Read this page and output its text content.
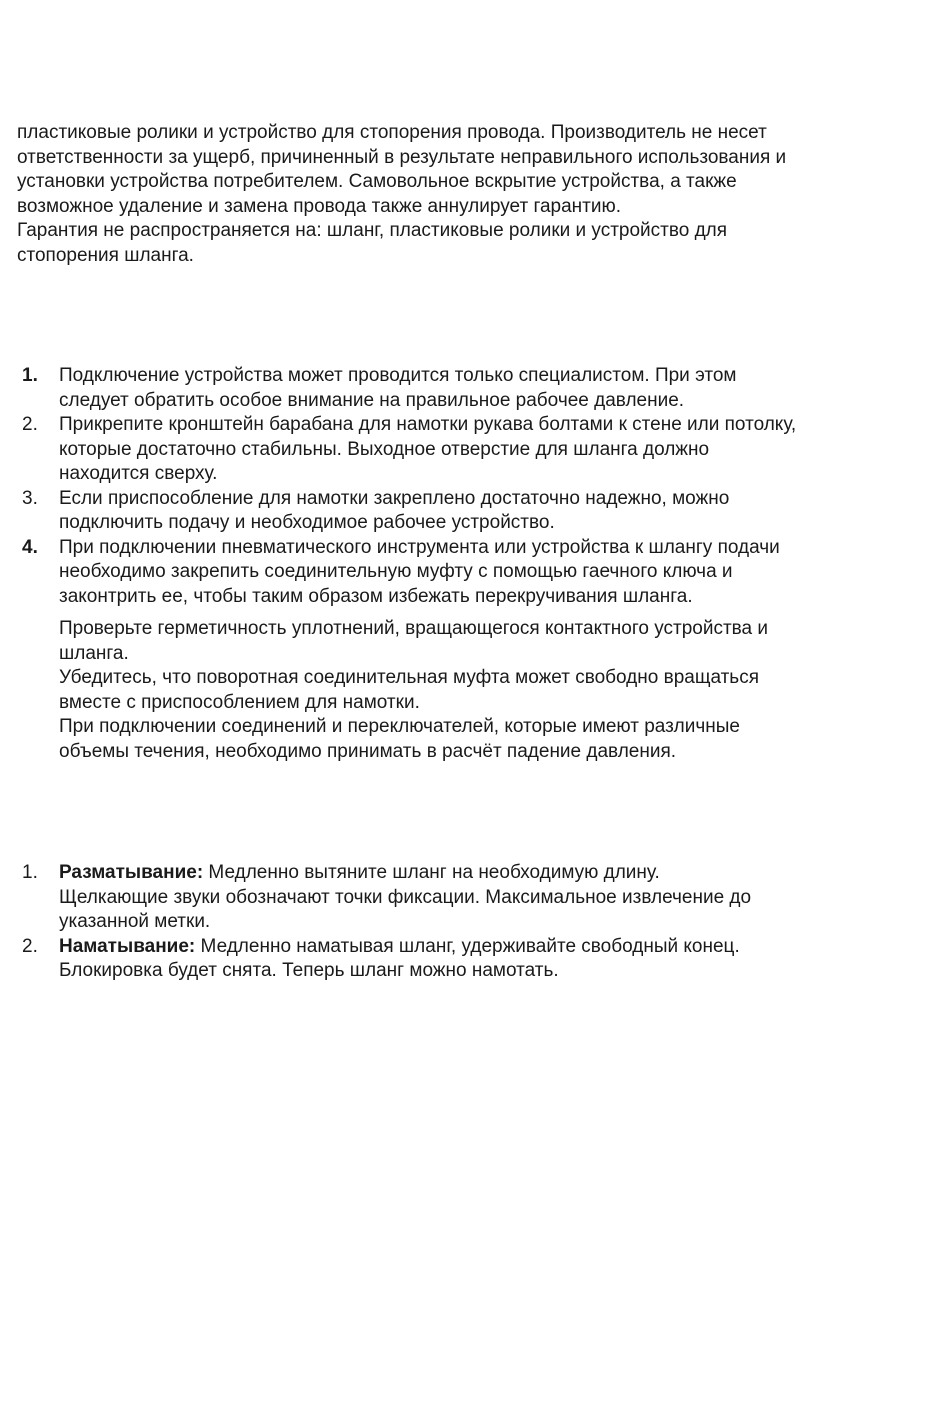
пластиковые ролики и устройство для стопорения провода. Производитель не несет
ответственности за ущерб, причиненный в результате неправильного использования и
установки устройства потребителем. Самовольное вскрытие устройства, а также
возможное удаление и замена провода также аннулирует гарантию.
Гарантия не распространяется на: шланг, пластиковые ролики и устройство для
стопорения шланга.
1. Подключение устройства может проводится только специалистом. При этом
следует обратить особое внимание на правильное рабочее давление.
2. Прикрепите кронштейн барабана для намотки рукава болтами к стене или потолку,
которые достаточно стабильны. Выходное отверстие для шланга должно
находится сверху.
3. Если приспособление для намотки закреплено достаточно надежно, можно
подключить подачу и необходимое рабочее устройство.
4. При подключении пневматического инструмента или устройства к шлангу подачи
необходимо закрепить соединительную муфту с помощью гаечного ключа и
законтрить ее, чтобы таким образом избежать перекручивания шланга.
Проверьте герметичность уплотнений, вращающегося контактного устройства и
шланга.
Убедитесь, что поворотная соединительная муфта может свободно вращаться
вместе с приспособлением для намотки.
При подключении соединений и переключателей, которые имеют различные
объемы течения, необходимо принимать в расчёт падение давления.
1. Разматывание: Медленно вытяните шланг на необходимую длину.
Щелкающие звуки обозначают точки фиксации. Максимальное извлечение до
указанной метки.
2. Наматывание: Медленно наматывая шланг, удерживайте свободный конец.
Блокировка будет снята. Теперь шланг можно намотать.
